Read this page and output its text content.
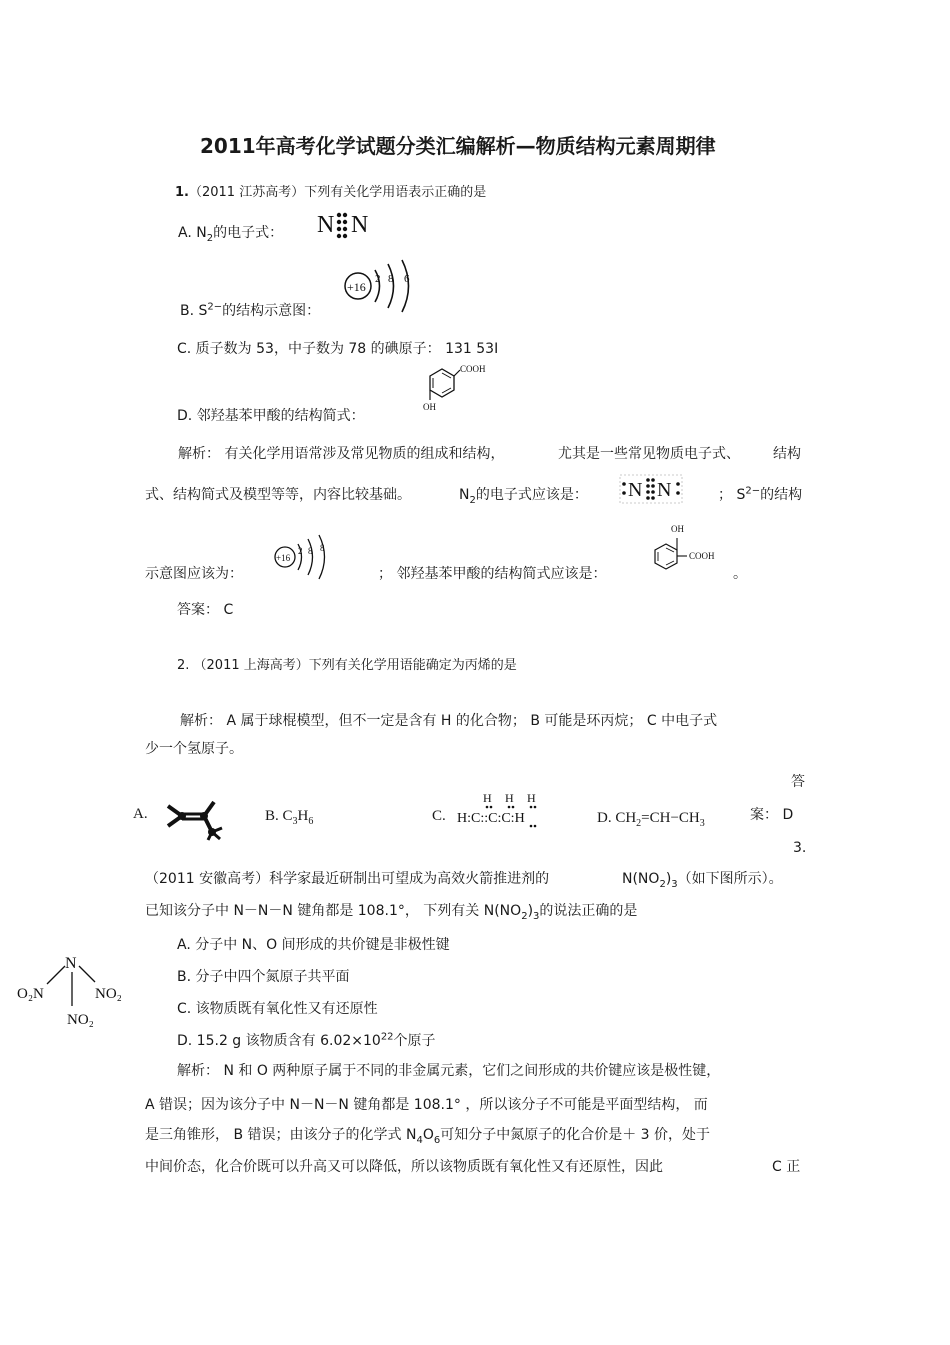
2011年高考化学试题分类汇编解析—物质结构元素周期律
1.（2011 江苏高考）下列有关化学用语表示正确的是
A. $N_2$的电子式： N N
+16
2 8 6
B. $S^{2-}$的结构示意图：
C. 质子数为 53，中子数为 78 的碘原子： 131 53I
COOH
OH
D. 邻羟基苯甲酸的结构简式：
解析： 有关化学用语常涉及常见物质的组成和结构，	尤其是一些常见物质电子式、 结构
式、结构简式及模型等等，内容比较基础。	$N_2$的电子式应该是： N N	； $S^{2-}$的结构
示意图应该为：
+16
2 8 8
； 邻羟基苯甲酸的结构简式应该是：
OH
COOH
。
答案： C
2. （2011 上海高考）下列有关化学用语能确定为丙烯的是
解析： A 属于球棍模型，但不一定是含有 H 的化合物； B 可能是环丙烷； C 中电子式
少一个氢原子。
答
案： D
A.	B. $C_3H_6$	C.
H H H
H:C::C:C:H	D. $CH_2=CH-CH_3$
3.
（2011 安徽高考）科学家最近研制出可望成为高效火箭推进剂的	$N(NO_2)_3$（如下图所示）。
已知该分子中 N－N－N 键角都是 108.1°， 下列有关 $N(NO_2)_3$的说法正确的是
N
O₂N	NO₂
NO₂
A. 分子中 N、O 间形成的共价键是非极性键
B. 分子中四个氮原子共平面
C. 该物质既有氧化性又有还原性
D. 15.2 g 该物质含有 $6.02\times 10^{22}$个原子
解析： N 和 O 两种原子属于不同的非金属元素，它们之间形成的共价键应该是极性键，
A 错误；因为该分子中 N－N－N 键角都是 108.1° ，所以该分子不可能是平面型结构， 而
是三角锥形， B 错误；由该分子的化学式 $N_4O_6$可知分子中氮原子的化合价是＋ 3 价，处于
中间价态，化合价既可以升高又可以降低，所以该物质既有氧化性又有还原性，因此	C 正
